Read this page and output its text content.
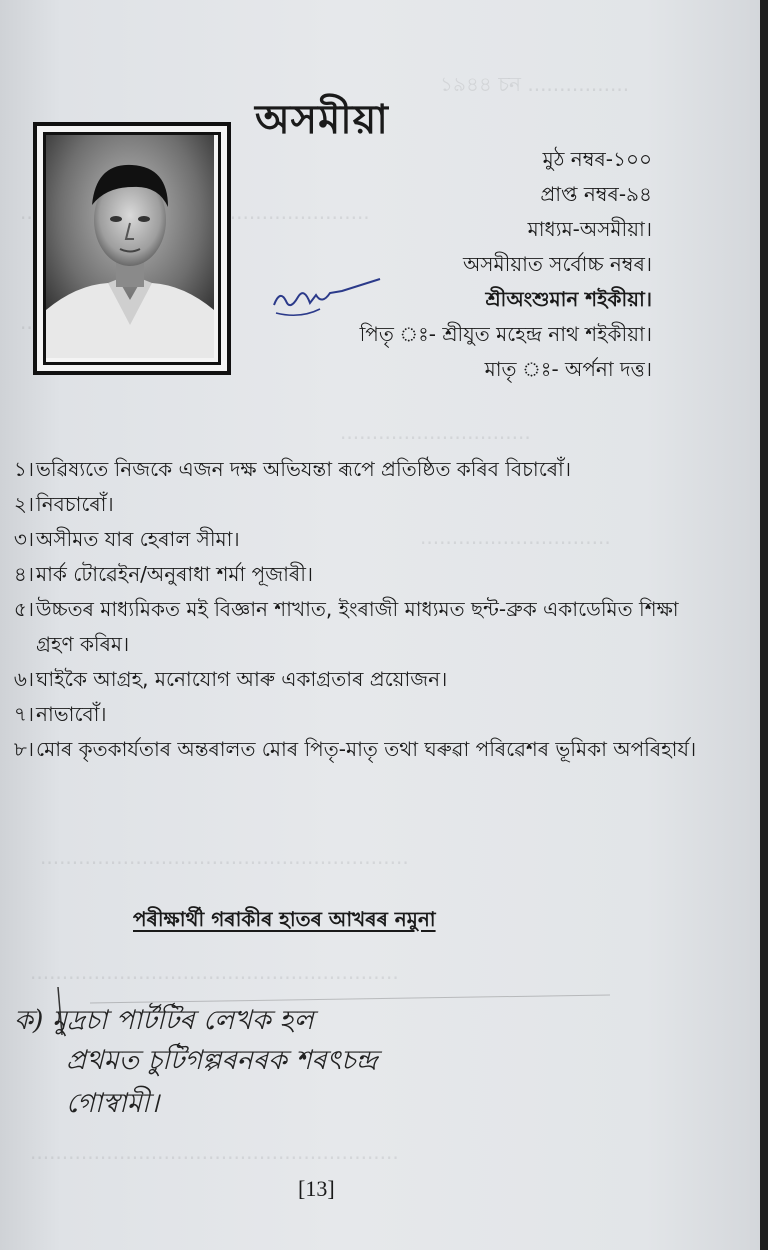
১৯৪৪ চন ................
..............................
..............................
..........................................................
..........................................................
..........................................................
অসমীয়া
মুঠ নম্বৰ-১০০
প্ৰাপ্ত নম্বৰ-৯৪
মাধ্যম-অসমীয়া।
অসমীয়াত সৰ্বোচ্চ নম্বৰ।
শ্ৰীঅংশুমান শইকীয়া।
পিতৃ ঃ- শ্ৰীযুত মহেন্দ্ৰ নাথ শইকীয়া।
মাতৃ ঃ- অৰ্পনা দত্ত।
১। ভৱিষ্যতে নিজকে এজন দক্ষ অভিযন্তা ৰূপে প্ৰতিষ্ঠিত কৰিব বিচাৰোঁ।
২। নিবচাৰোঁ।
৩। অসীমত যাৰ হেৰাল সীমা।
৪। মাৰ্ক টোৱেইন/অনুৰাধা শৰ্মা পূজাৰী।
৫। উচ্চতৰ মাধ্যমিকত মই বিজ্ঞান শাখাত, ইংৰাজী মাধ্যমত ছন্ট-ব্ৰুক একাডেমিত শিক্ষা গ্ৰহণ কৰিম।
৬। ঘাইকৈ আগ্ৰহ, মনোযোগ আৰু একাগ্ৰতাৰ প্ৰয়োজন।
৭। নাভাবোঁ।
৮। মোৰ কৃতকাৰ্যতাৰ অন্তৰালত মোৰ পিতৃ-মাতৃ তথা ঘৰুৱা পৰিৱেশৰ ভূমিকা অপৰিহাৰ্য।
পৰীক্ষাৰ্থী গৰাকীৰ হাতৰ আখৰৰ নমুনা
ক) মুদ্ৰচা পাৰ্টটিৰ লেখক হল
প্ৰথমত চুটিগল্পৰনৰক শৰৎচন্দ্ৰ
গোস্বামী।
[13]
